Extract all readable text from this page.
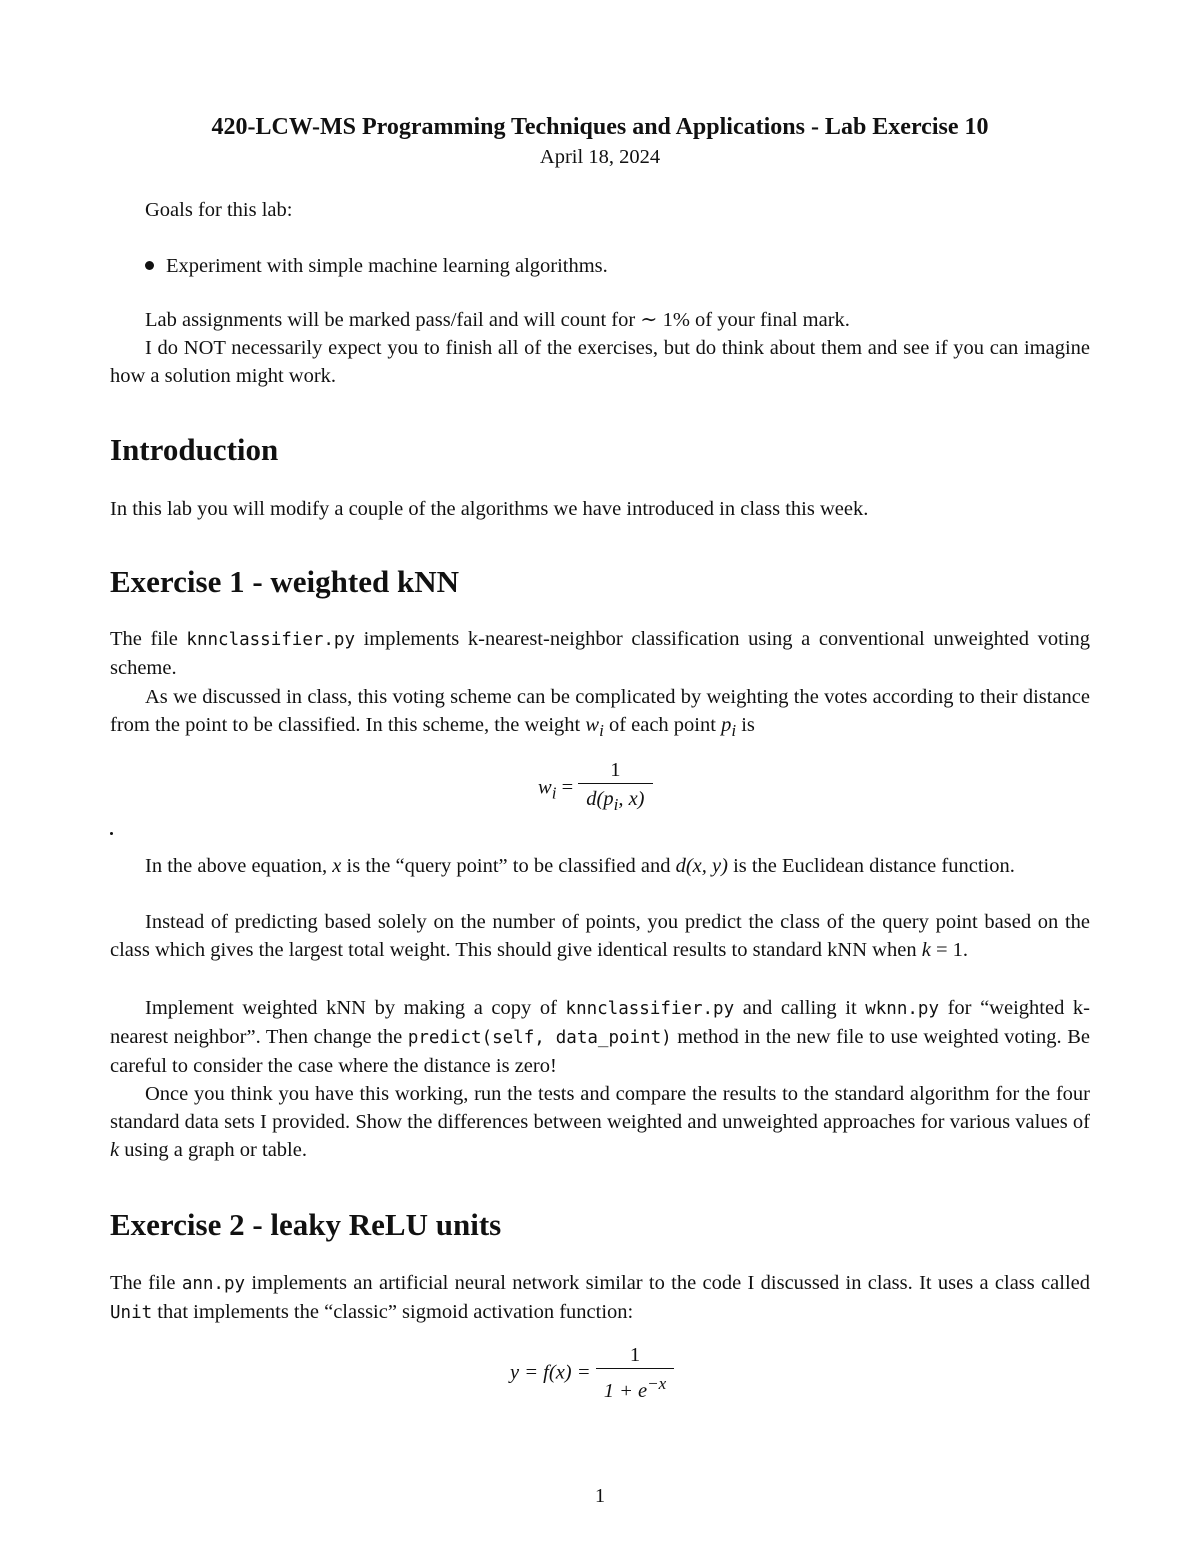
420-LCW-MS Programming Techniques and Applications - Lab Exercise 10
April 18, 2024

Goals for this lab:

Experiment with simple machine learning algorithms.

Lab assignments will be marked pass/fail and will count for ∼ 1% of your final mark.

I do NOT necessarily expect you to finish all of the exercises, but do think about them and see if you can imagine how a solution might work.

Introduction

In this lab you will modify a couple of the algorithms we have introduced in class this week.

Exercise 1 - weighted kNN

The file knnclassifier.py implements k-nearest-neighbor classification using a conventional unweighted voting scheme.

As we discussed in class, this voting scheme can be complicated by weighting the votes according to their distance from the point to be classified. In this scheme, the weight $w_i$ of each point $p_i$ is

$w_i = \frac{1}{d(p_i, x)}$

In the above equation, x is the “query point” to be classified and d(x, y) is the Euclidean distance function.

Instead of predicting based solely on the number of points, you predict the class of the query point based on the class which gives the largest total weight. This should give identical results to standard kNN when k = 1.

Implement weighted kNN by making a copy of knnclassifier.py and calling it wknn.py for “weighted k-nearest neighbor”. Then change the predict(self, data_point) method in the new file to use weighted voting. Be careful to consider the case where the distance is zero!

Once you think you have this working, run the tests and compare the results to the standard algorithm for the four standard data sets I provided. Show the differences between weighted and unweighted approaches for various values of k using a graph or table.

Exercise 2 - leaky ReLU units

The file ann.py implements an artificial neural network similar to the code I discussed in class. It uses a class called Unit that implements the “classic” sigmoid activation function:

$y = f(x) = \frac{1}{1 + e^{-x}}$
1
